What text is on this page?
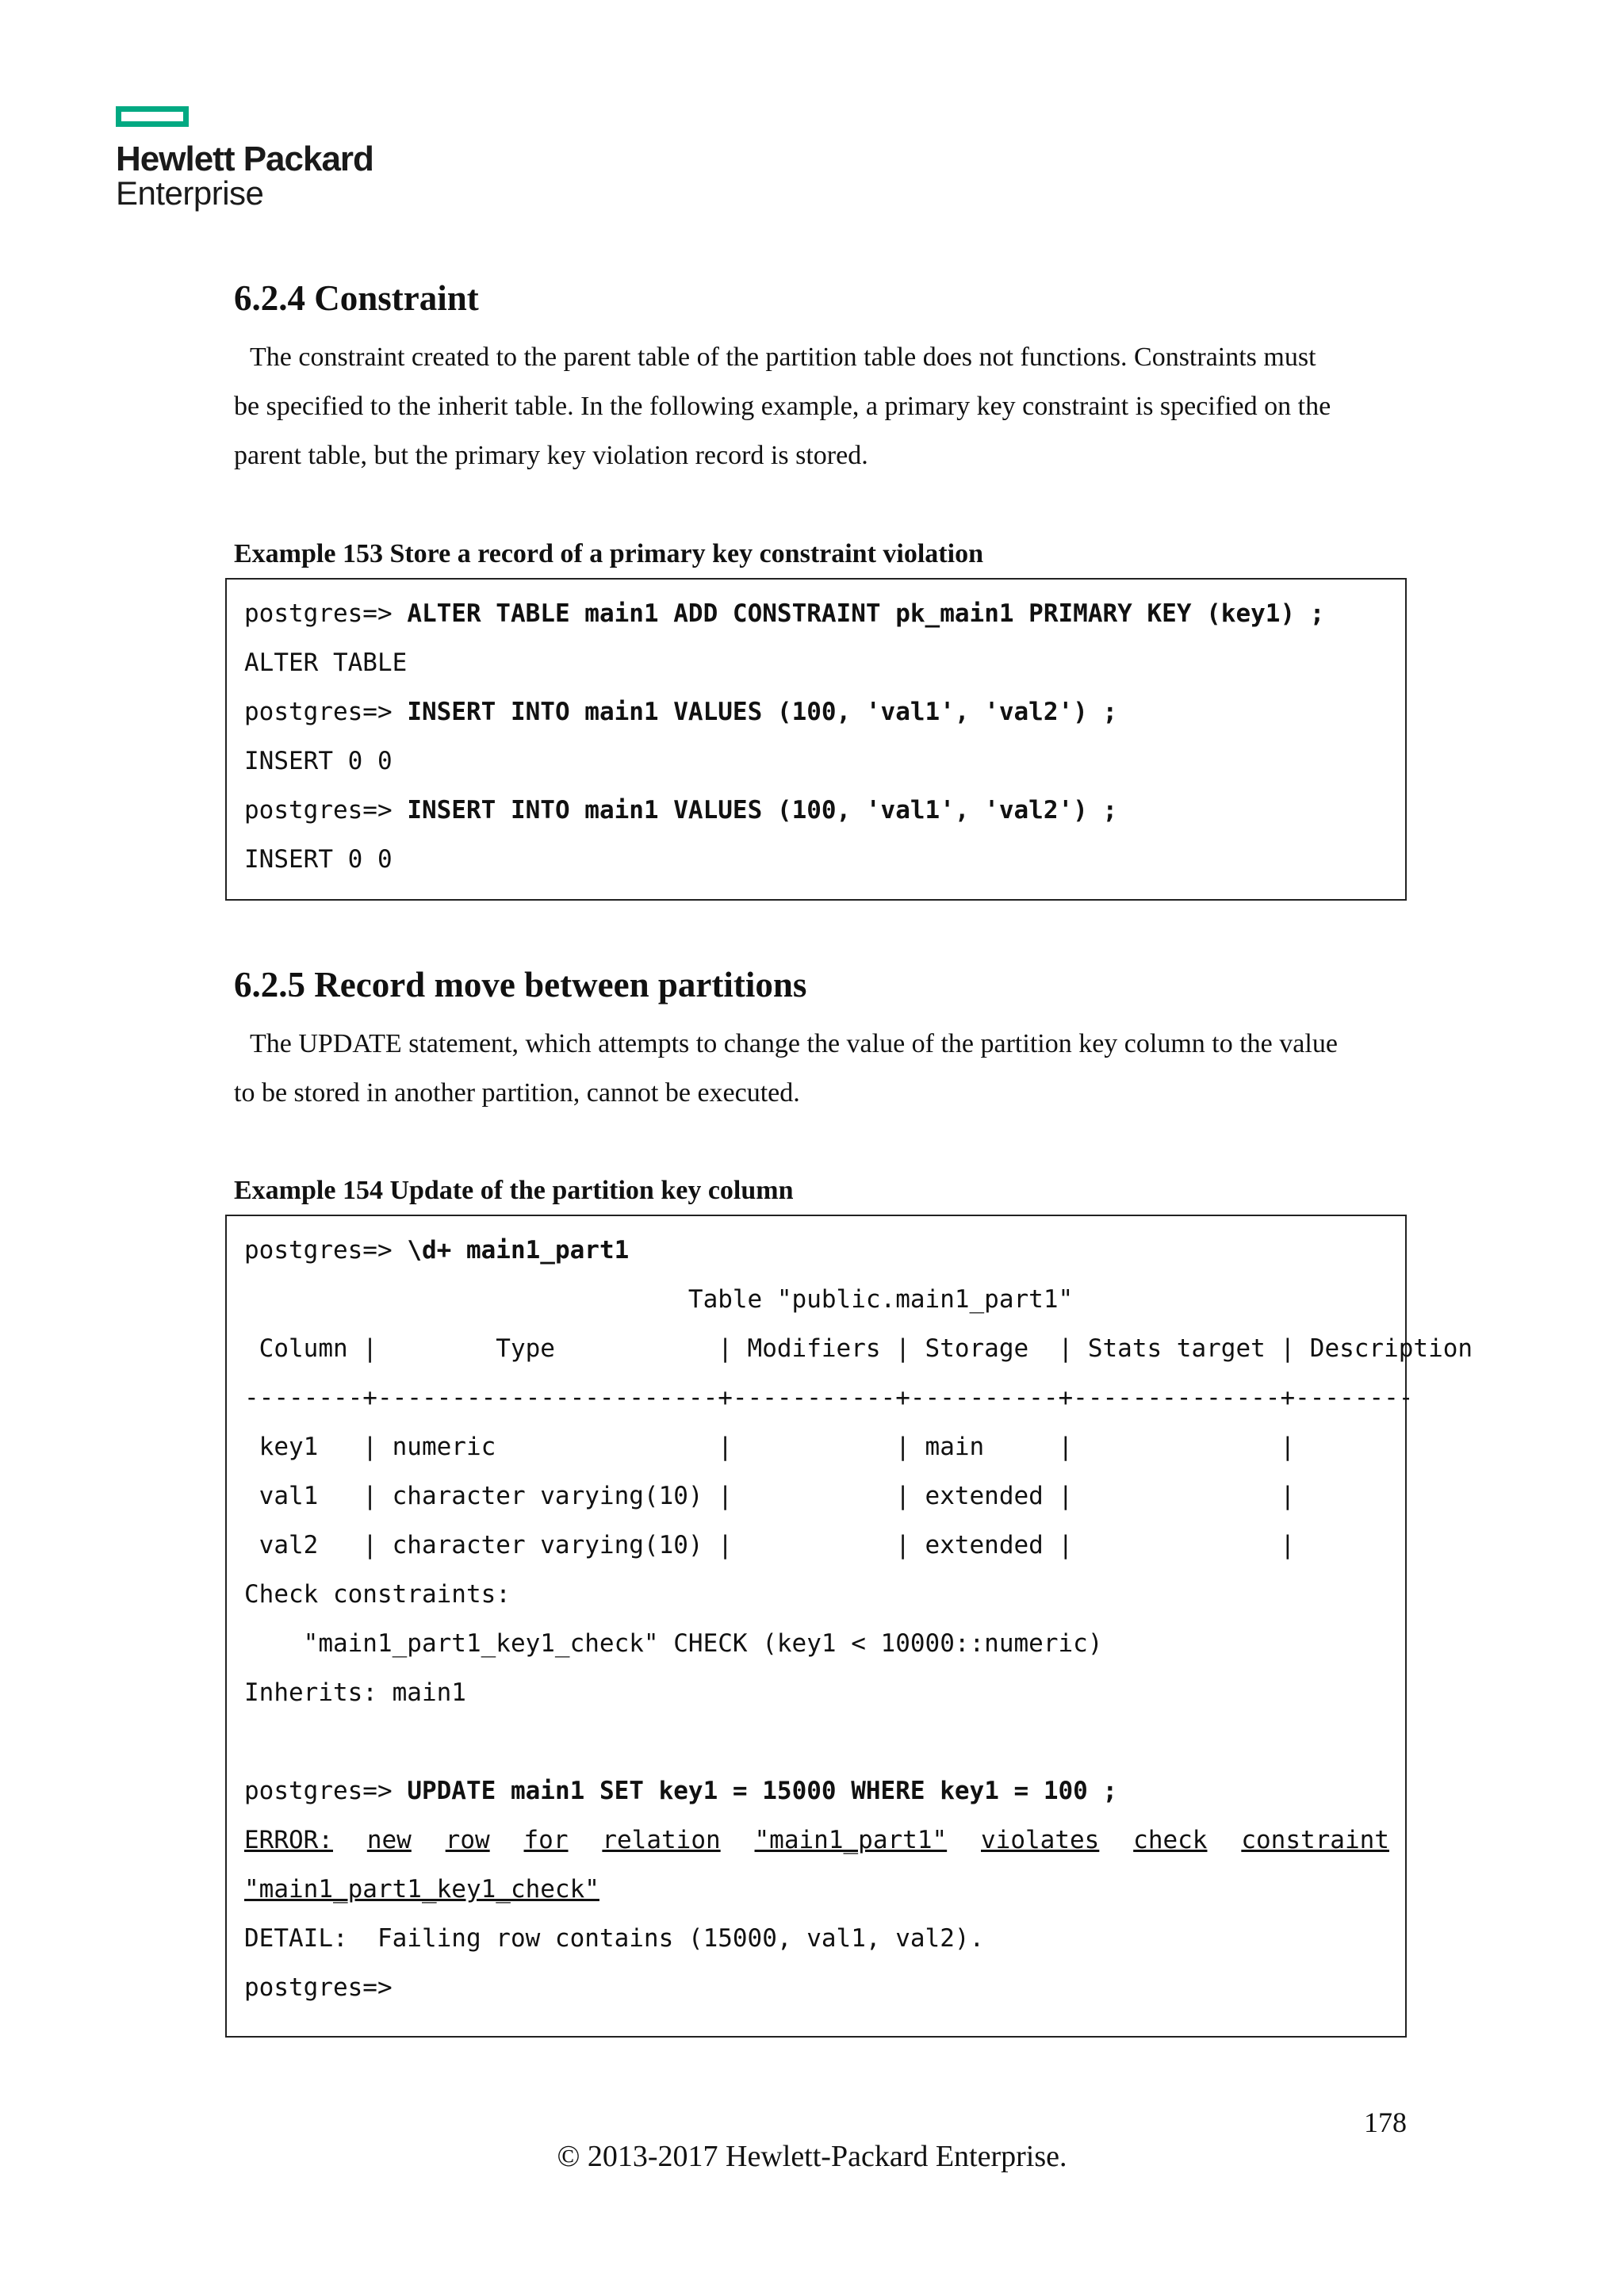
Hewlett Packard
Enterprise
6.2.4 Constraint
The constraint created to the parent table of the partition table does not functions. Constraints must
be specified to the inherit table. In the following example, a primary key constraint is specified on the
parent table, but the primary key violation record is stored.
Example 153 Store a record of a primary key constraint violation
postgres=> ALTER TABLE main1 ADD CONSTRAINT pk_main1 PRIMARY KEY (key1) ;
ALTER TABLE
postgres=> INSERT INTO main1 VALUES (100, 'val1', 'val2') ;
INSERT 0 0
postgres=> INSERT INTO main1 VALUES (100, 'val1', 'val2') ;
INSERT 0 0
6.2.5 Record move between partitions
The UPDATE statement, which attempts to change the value of the partition key column to the value
to be stored in another partition, cannot be executed.
Example 154 Update of the partition key column
postgres=> \d+ main1_part1
Table "public.main1_part1"
Column |        Type           | Modifiers | Storage  | Stats target | Description
--------+-----------------------+-----------+----------+--------------+--------
key1   | numeric               |           | main     |              |
val1   | character varying(10) |           | extended |              |
val2   | character varying(10) |           | extended |              |
Check constraints:
"main1_part1_key1_check" CHECK (key1 < 10000::numeric)
Inherits: main1
postgres=> UPDATE main1 SET key1 = 15000 WHERE key1 = 100 ;
ERROR: new row for relation "main1_part1" violates check constraint
"main1_part1_key1_check"
DETAIL:  Failing row contains (15000, val1, val2).
postgres=>
178
© 2013-2017 Hewlett-Packard Enterprise.
